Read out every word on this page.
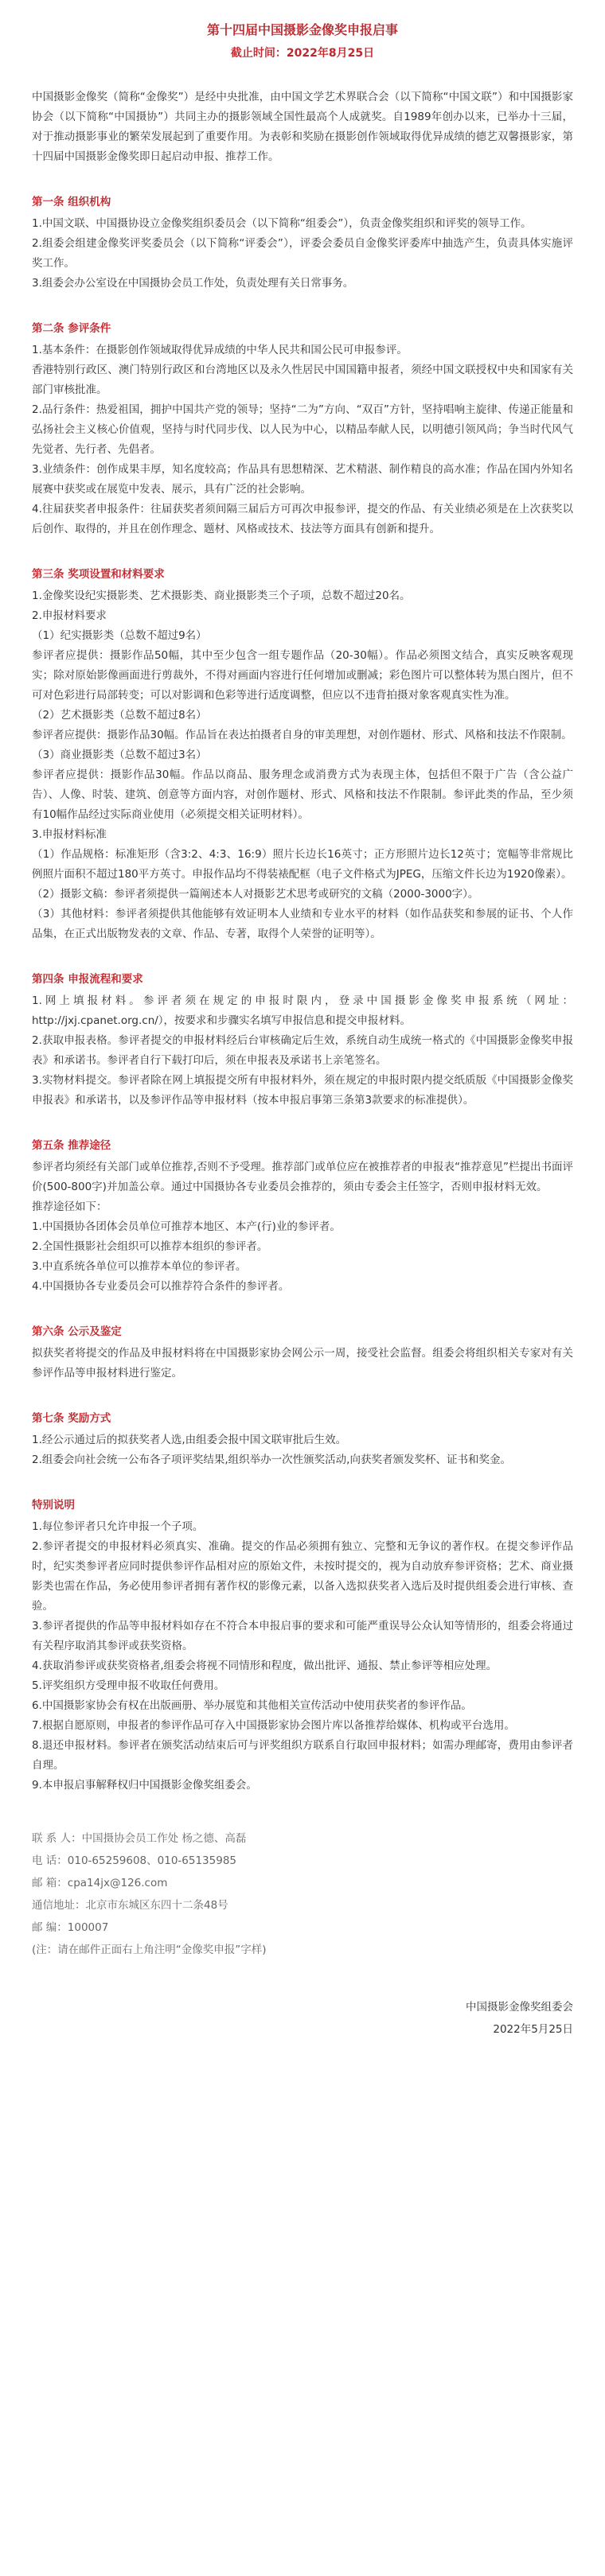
第十四届中国摄影金像奖申报启事
截止时间：2022年8月25日

中国摄影金像奖（简称“金像奖”）是经中央批准，由中国文学艺术界联合会（以下简称“中国文联”）和中国摄影家协会（以下简称“中国摄协”）共同主办的摄影领域全国性最高个人成就奖。自1989年创办以来，已举办十三届，对于推动摄影事业的繁荣发展起到了重要作用。为表彰和奖励在摄影创作领域取得优异成绩的德艺双馨摄影家，第十四届中国摄影金像奖即日起启动申报、推荐工作。

第一条 组织机构

1.中国文联、中国摄协设立金像奖组织委员会（以下简称“组委会”），负责金像奖组织和评奖的领导工作。

2.组委会组建金像奖评奖委员会（以下简称“评委会”），评委会委员自金像奖评委库中抽选产生，负责具体实施评奖工作。

3.组委会办公室设在中国摄协会员工作处，负责处理有关日常事务。

第二条 参评条件

1.基本条件：在摄影创作领域取得优异成绩的中华人民共和国公民可申报参评。

香港特别行政区、澳门特别行政区和台湾地区以及永久性居民中国国籍申报者，须经中国文联授权中央和国家有关部门审核批准。

2.品行条件：热爱祖国，拥护中国共产党的领导；坚持“二为”方向、“双百”方针，坚持唱响主旋律、传递正能量和弘扬社会主义核心价值观，坚持与时代同步伐、以人民为中心，以精品奉献人民，以明德引领风尚；争当时代风气先觉者、先行者、先倡者。

3.业绩条件：创作成果丰厚，知名度较高；作品具有思想精深、艺术精湛、制作精良的高水准；作品在国内外知名展赛中获奖或在展览中发表、展示，具有广泛的社会影响。

4.往届获奖者申报条件：往届获奖者须间隔三届后方可再次申报参评，提交的作品、有关业绩必须是在上次获奖以后创作、取得的，并且在创作理念、题材、风格或技术、技法等方面具有创新和提升。

第三条 奖项设置和材料要求

1.金像奖设纪实摄影类、艺术摄影类、商业摄影类三个子项，总数不超过20名。

2.申报材料要求

（1）纪实摄影类（总数不超过9名）

参评者应提供：摄影作品50幅，其中至少包含一组专题作品（20-30幅）。作品必须图文结合，真实反映客观现实；除对原始影像画面进行剪裁外，不得对画面内容进行任何增加或删减；彩色图片可以整体转为黑白图片，但不可对色彩进行局部转变；可以对影调和色彩等进行适度调整，但应以不违背拍摄对象客观真实性为准。

（2）艺术摄影类（总数不超过8名）

参评者应提供：摄影作品30幅。作品旨在表达拍摄者自身的审美理想，对创作题材、形式、风格和技法不作限制。

（3）商业摄影类（总数不超过3名）

参评者应提供：摄影作品30幅。作品以商品、服务理念或消费方式为表现主体，包括但不限于广告（含公益广告）、人像、时装、建筑、创意等方面内容，对创作题材、形式、风格和技法不作限制。参评此类的作品，至少须有10幅作品经过实际商业使用（必须提交相关证明材料）。

3.申报材料标准

（1）作品规格：标准矩形（含3:2、4:3、16:9）照片长边长16英寸；正方形照片边长12英寸；宽幅等非常规比例照片面积不超过180平方英寸。申报作品均不得装裱配框（电子文件格式为JPEG，压缩文件长边为1920像素）。

（2）摄影文稿：参评者须提供一篇阐述本人对摄影艺术思考或研究的文稿（2000-3000字）。

（3）其他材料：参评者须提供其他能够有效证明本人业绩和专业水平的材料（如作品获奖和参展的证书、个人作品集，在正式出版物发表的文章、作品、专著，取得个人荣誉的证明等）。

第四条 申报流程和要求

1.网上填报材料。参评者须在规定的申报时限内，登录中国摄影金像奖申报系统（网址：http://jxj.cpanet.org.cn/），按要求和步骤实名填写申报信息和提交申报材料。

2.获取申报表格。参评者提交的申报材料经后台审核确定后生效，系统自动生成统一格式的《中国摄影金像奖申报表》和承诺书。参评者自行下载打印后，须在申报表及承诺书上亲笔签名。

3.实物材料提交。参评者除在网上填报提交所有申报材料外，须在规定的申报时限内提交纸质版《中国摄影金像奖申报表》和承诺书，以及参评作品等申报材料（按本申报启事第三条第3款要求的标准提供）。

第五条 推荐途径

参评者均须经有关部门或单位推荐,否则不予受理。推荐部门或单位应在被推荐者的申报表“推荐意见”栏提出书面评价(500-800字)并加盖公章。通过中国摄协各专业委员会推荐的，须由专委会主任签字，否则申报材料无效。

推荐途径如下：

1.中国摄协各团体会员单位可推荐本地区、本产(行)业的参评者。

2.全国性摄影社会组织可以推荐本组织的参评者。

3.中直系统各单位可以推荐本单位的参评者。

4.中国摄协各专业委员会可以推荐符合条件的参评者。

第六条 公示及鉴定

拟获奖者将提交的作品及申报材料将在中国摄影家协会网公示一周，接受社会监督。组委会将组织相关专家对有关参评作品等申报材料进行鉴定。

第七条 奖励方式

1.经公示通过后的拟获奖者人选,由组委会报中国文联审批后生效。

2.组委会向社会统一公布各子项评奖结果,组织举办一次性颁奖活动,向获奖者颁发奖杯、证书和奖金。

特别说明

1.每位参评者只允许申报一个子项。

2.参评者提交的申报材料必须真实、准确。提交的作品必须拥有独立、完整和无争议的著作权。在提交参评作品时，纪实类参评者应同时提供参评作品相对应的原始文件，未按时提交的，视为自动放弃参评资格；艺术、商业摄影类也需在作品，务必使用参评者拥有著作权的影像元素，以备入选拟获奖者入选后及时提供组委会进行审核、查验。

3.参评者提供的作品等申报材料如存在不符合本申报启事的要求和可能严重误导公众认知等情形的，组委会将通过有关程序取消其参评或获奖资格。

4.获取消参评或获奖资格者,组委会将视不同情形和程度，做出批评、通报、禁止参评等相应处理。

5.评奖组织方受理申报不收取任何费用。

6.中国摄影家协会有权在出版画册、举办展览和其他相关宣传活动中使用获奖者的参评作品。

7.根据自愿原则，申报者的参评作品可存入中国摄影家协会图片库以备推荐给媒体、机构或平台选用。

8.退还申报材料。参评者在颁奖活动结束后可与评奖组织方联系自行取回申报材料；如需办理邮寄，费用由参评者自理。

9.本申报启事解释权归中国摄影金像奖组委会。

联 系 人：中国摄协会员工作处 杨之德、高磊

电 话：010-65259608、010-65135985

邮 箱：cpa14jx@126.com

通信地址：北京市东城区东四十二条48号

邮 编：100007

(注：请在邮件正面右上角注明“金像奖申报”字样)

中国摄影金像奖组委会

2022年5月25日
